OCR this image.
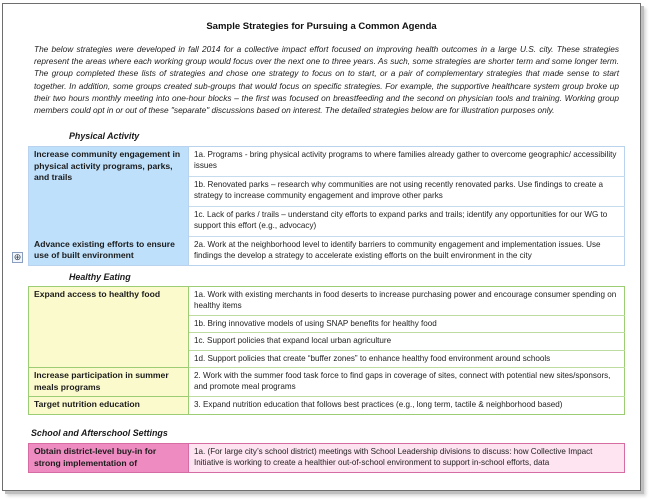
Sample Strategies for Pursuing a Common Agenda
The below strategies were developed in fall 2014 for a collective impact effort focused on improving health outcomes in a large U.S. city. These strategies represent the areas where each working group would focus over the next one to three years. As such, some strategies are shorter term and some longer term. The group completed these lists of strategies and chose one strategy to focus on to start, or a pair of complementary strategies that made sense to start together. In addition, some groups created sub-groups that would focus on specific strategies. For example, the supportive healthcare system group broke up their two hours monthly meeting into one-hour blocks – the first was focused on breastfeeding and the second on physician tools and training. Working group members could opt in or out of these "separate" discussions based on interest. The detailed strategies below are for illustration purposes only.
Physical Activity
Increase community engagement in physical activity programs, parks, and trails	1a. Programs - bring physical activity programs to where families already gather to overcome geographic/ accessibility issues
	1b. Renovated parks – research why communities are not using recently renovated parks. Use findings to create a strategy to increase community engagement and improve other parks
	1c. Lack of parks / trails – understand city efforts to expand parks and trails; identify any opportunities for our WG to support this effort (e.g., advocacy)
Advance existing efforts to ensure use of built environment	2a. Work at the neighborhood level to identify barriers to community engagement and implementation issues. Use findings the develop a strategy to accelerate existing efforts on the built environment in the city
⊕
Healthy Eating
Expand access to healthy food	1a. Work with existing merchants in food deserts to increase purchasing power and encourage consumer spending on healthy items
	1b. Bring innovative models of using SNAP benefits for healthy food
	1c. Support policies that expand local urban agriculture
	1d. Support policies that create “buffer zones” to enhance healthy food environment around schools
Increase participation in summer meals programs	2. Work with the summer food task force to find gaps in coverage of sites, connect with potential new sites/sponsors, and promote meal programs
Target nutrition education	3. Expand nutrition education that follows best practices (e.g., long term, tactile & neighborhood based)
School and Afterschool Settings
Obtain district-level buy-in for strong implementation of	1a. (For large city’s school district) meetings with School Leadership divisions to discuss: how Collective Impact Initiative is working to create a healthier out-of-school environment to support in-school efforts, data
